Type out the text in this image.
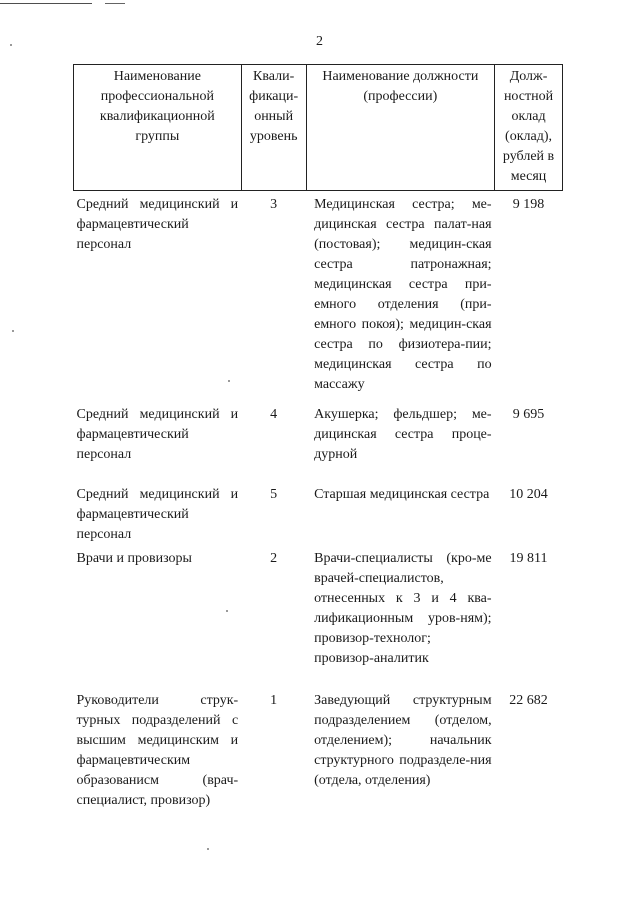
2
Наименование профессиональной квалификационной группы	Квали-фикаци-онный уровень	Наименование должности (профессии)	Долж-ностной оклад (оклад), рублей в месяц
Средний медицинский и фармацевтический персонал	3	Медицинская сестра; ме-дицинская сестра палат-ная (постовая); медицин-ская сестра патронажная; медицинская сестра при-емного отделения (при-емного покоя); медицин-ская сестра по физиотера-пии; медицинская сестра по массажу	9 198
Средний медицинский и фармацевтический персонал	4	Акушерка; фельдшер; ме-дицинская сестра проце-дурной	9 695
Средний медицинский и фармацевтический персонал	5	Старшая медицинская сестра	10 204
Врачи и провизоры	2	Врачи-специалисты (кро-ме врачей-специалистов, отнесенных к 3 и 4 ква-лификационным уров-ням); провизор-технолог; провизор-аналитик	19 811
Руководители струк-турных подразделений с высшим медицинским и фармацевтическим образованисм (врач-специалист, провизор)	1	Заведующий структурным подразделением (отделом, отделением); начальник структурного подразделе-ния (отдела, отделения)	22 682
